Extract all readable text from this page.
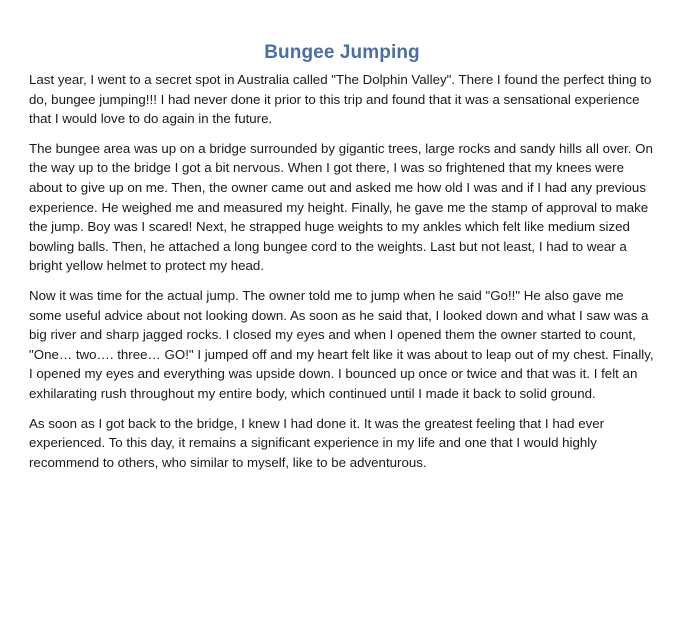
Bungee Jumping

Last year, I went to a secret spot in Australia called "The Dolphin Valley". There I found the perfect thing to do, bungee jumping!!! I had never done it prior to this trip and found that it was a sensational experience that I would love to do again in the future.

The bungee area was up on a bridge surrounded by gigantic trees, large rocks and sandy hills all over. On the way up to the bridge I got a bit nervous. When I got there, I was so frightened that my knees were about to give up on me. Then, the owner came out and asked me how old I was and if I had any previous experience. He weighed me and measured my height. Finally, he gave me the stamp of approval to make the jump. Boy was I scared! Next, he strapped huge weights to my ankles which felt like medium sized bowling balls. Then, he attached a long bungee cord to the weights. Last but not least, I had to wear a bright yellow helmet to protect my head.

Now it was time for the actual jump. The owner told me to jump when he said "Go!!" He also gave me some useful advice about not looking down. As soon as he said that, I looked down and what I saw was a big river and sharp jagged rocks. I closed my eyes and when I opened them the owner started to count, "One… two…. three… GO!" I jumped off and my heart felt like it was about to leap out of my chest. Finally, I opened my eyes and everything was upside down. I bounced up once or twice and that was it. I felt an exhilarating rush throughout my entire body, which continued until I made it back to solid ground.

As soon as I got back to the bridge, I knew I had done it. It was the greatest feeling that I had ever experienced. To this day, it remains a significant experience in my life and one that I would highly recommend to others, who similar to myself, like to be adventurous.
